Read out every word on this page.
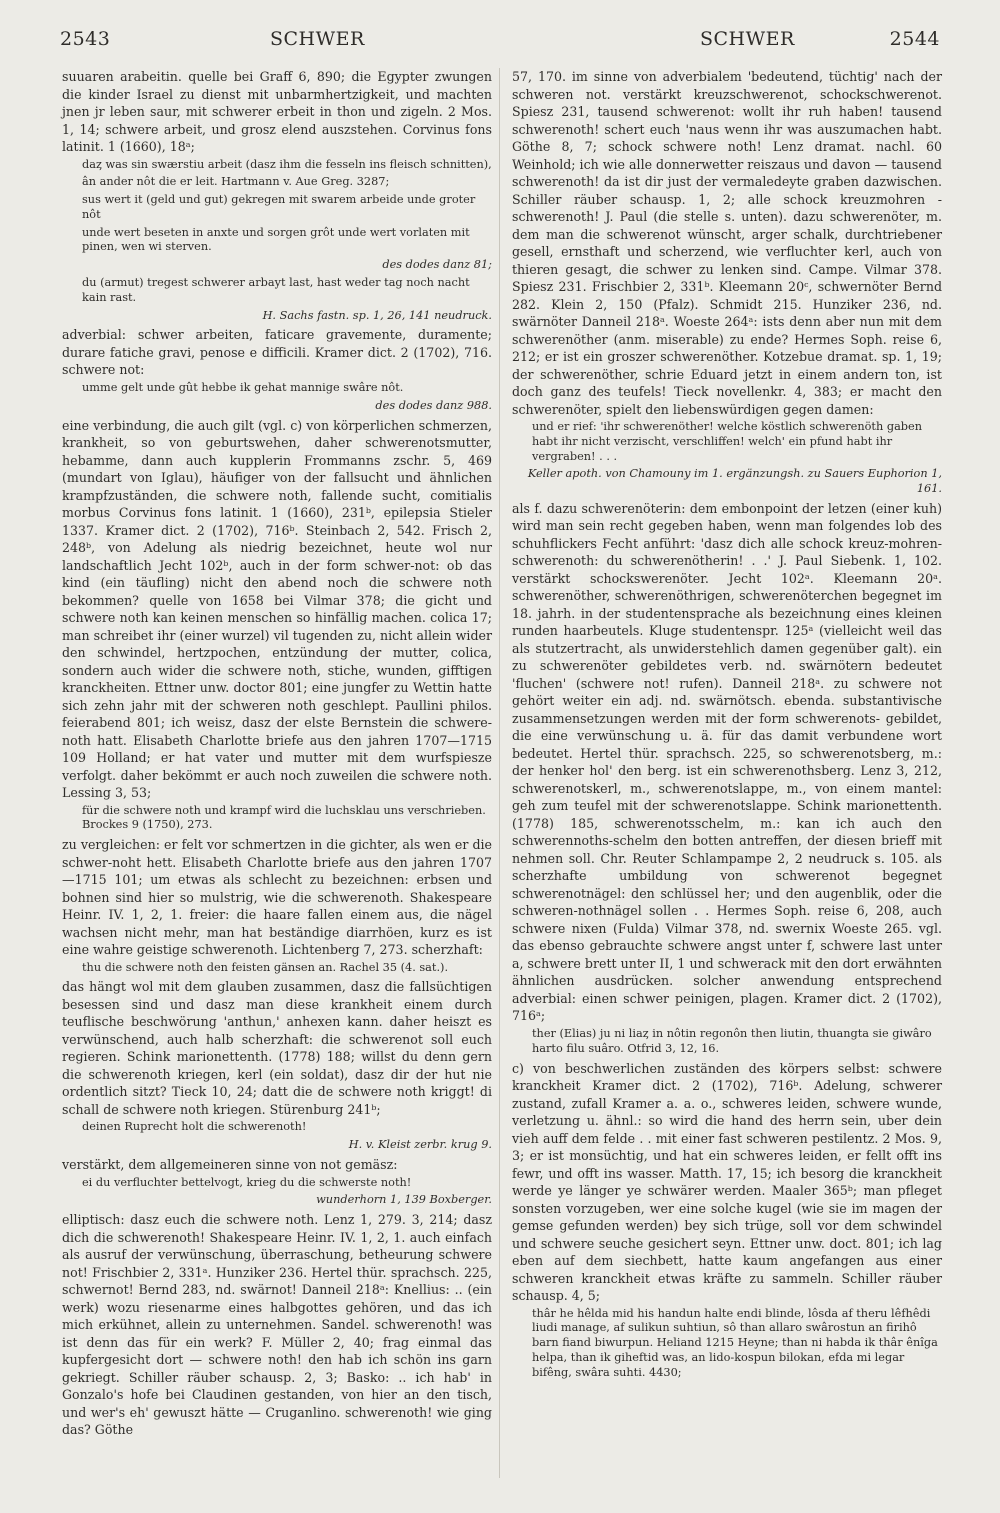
2543	SCHWER	SCHWER	2544

suuaren arabeitin. quelle bei Graff 6, 890; die Egypter zwungen die kinder Israel zu dienst mit unbarmhertzigkeit, und machten jnen jr leben saur, mit schwerer erbeit in thon und zigeln. 2 Mos. 1, 14; schwere arbeit, und grosz elend auszstehen. Corvinus fons latinit. 1 (1660), 18ᵃ;

daȥ was sin swærstiu arbeit (dasz ihm die fesseln ins fleisch schnitten),

ân ander nôt die er leit. Hartmann v. Aue Greg. 3287;

sus wert it (geld und gut) gekregen mit swarem arbeide unde groter nôt

unde wert beseten in anxte und sorgen grôt unde wert vorlaten mit pinen, wen wi sterven.

des dodes danz 81;

du (armut) tregest schwerer arbayt last, hast weder tag noch nacht kain rast.

H. Sachs fastn. sp. 1, 26, 141 neudruck.

adverbial: schwer arbeiten, faticare gravemente, duramente; durare fatiche gravi, penose e difficili. Kramer dict. 2 (1702), 716. schwere not:

umme gelt unde gût hebbe ik gehat mannige swâre nôt.

des dodes danz 988.

eine verbindung, die auch gilt (vgl. c) von körperlichen schmerzen, krankheit, so von geburtswehen, daher schwerenotsmutter, hebamme, dann auch kupplerin Frommanns zschr. 5, 469 (mundart von Iglau), häufiger von der fallsucht und ähnlichen krampfzuständen, die schwere noth, fallende sucht, comitialis morbus Corvinus fons latinit. 1 (1660), 231ᵇ, epilepsia Stieler 1337. Kramer dict. 2 (1702), 716ᵇ. Steinbach 2, 542. Frisch 2, 248ᵇ, von Adelung als niedrig bezeichnet, heute wol nur landschaftlich Jecht 102ᵇ, auch in der form schwer-not: ob das kind (ein täufling) nicht den abend noch die schwere noth bekommen? quelle von 1658 bei Vilmar 378; die gicht und schwere noth kan keinen menschen so hinfällig machen. colica 17; man schreibet ihr (einer wurzel) vil tugenden zu, nicht allein wider den schwindel, hertzpochen, entzündung der mutter, colica, sondern auch wider die schwere noth, stiche, wunden, gifftigen kranckheiten. Ettner unw. doctor 801; eine jungfer zu Wettin hatte sich zehn jahr mit der schweren noth geschlept. Paullini philos. feierabend 801; ich weisz, dasz der elste Bernstein die schwere-noth hatt. Elisabeth Charlotte briefe aus den jahren 1707—1715 109 Holland; er hat vater und mutter mit dem wurfspiesze verfolgt. daher bekömmt er auch noch zuweilen die schwere noth. Lessing 3, 53;

für die schwere noth und krampf wird die luchsklau uns verschrieben. Brockes 9 (1750), 273.

zu vergleichen: er felt vor schmertzen in die gichter, als wen er die schwer-noht hett. Elisabeth Charlotte briefe aus den jahren 1707—1715 101; um etwas als schlecht zu bezeichnen: erbsen und bohnen sind hier so mulstrig, wie die schwerenoth. Shakespeare Heinr. IV. 1, 2, 1. freier: die haare fallen einem aus, die nägel wachsen nicht mehr, man hat beständige diarrhöen, kurz es ist eine wahre geistige schwerenoth. Lichtenberg 7, 273. scherzhaft:

thu die schwere noth den feisten gänsen an. Rachel 35 (4. sat.).

das hängt wol mit dem glauben zusammen, dasz die fallsüchtigen besessen sind und dasz man diese krankheit einem durch teuflische beschwörung 'anthun,' anhexen kann. daher heiszt es verwünschend, auch halb scherzhaft: die schwerenot soll euch regieren. Schink marionettenth. (1778) 188; willst du denn gern die schwerenoth kriegen, kerl (ein soldat), dasz dir der hut nie ordentlich sitzt? Tieck 10, 24; datt die de schwere noth kriggt! di schall de schwere noth kriegen. Stürenburg 241ᵇ;

deinen Ruprecht holt die schwerenoth!

H. v. Kleist zerbr. krug 9.

verstärkt, dem allgemeineren sinne von not gemäsz:

ei du verfluchter bettelvogt, krieg du die schwerste noth!

wunderhorn 1, 139 Boxberger.

elliptisch: dasz euch die schwere noth. Lenz 1, 279. 3, 214; dasz dich die schwerenoth! Shakespeare Heinr. IV. 1, 2, 1. auch einfach als ausruf der verwünschung, überraschung, betheurung schwere not! Frischbier 2, 331ᵃ. Hunziker 236. Hertel thür. sprachsch. 225, schwernot! Bernd 283, nd. swärnot! Danneil 218ᵃ: Knellius: .. (ein werk) wozu riesenarme eines halbgottes gehören, und das ich mich erkühnet, allein zu unternehmen. Sandel. schwerenoth! was ist denn das für ein werk? F. Müller 2, 40; frag einmal das kupfergesicht dort — schwere noth! den hab ich schön ins garn gekriegt. Schiller räuber schausp. 2, 3; Basko: .. ich hab' in Gonzalo's hofe bei Claudinen gestanden, von hier an den tisch, und wer's eh' gewuszt hätte — Cruganlino. schwerenoth! wie ging das? Göthe

57, 170. im sinne von adverbialem 'bedeutend, tüchtig' nach der schweren not. verstärkt kreuzschwerenot, schockschwerenot. Spiesz 231, tausend schwerenot: wollt ihr ruh haben! tausend schwerenoth! schert euch 'naus wenn ihr was auszumachen habt. Göthe 8, 7; schock schwere noth! Lenz dramat. nachl. 60 Weinhold; ich wie alle donnerwetter reiszaus und davon — tausend schwerenoth! da ist dir just der vermaledeyte graben dazwischen. Schiller räuber schausp. 1, 2; alle schock kreuzmohren - schwerenoth! J. Paul (die stelle s. unten). dazu schwerenöter, m. dem man die schwerenot wünscht, arger schalk, durchtriebener gesell, ernsthaft und scherzend, wie verfluchter kerl, auch von thieren gesagt, die schwer zu lenken sind. Campe. Vilmar 378. Spiesz 231. Frischbier 2, 331ᵇ. Kleemann 20ᶜ, schwernöter Bernd 282. Klein 2, 150 (Pfalz). Schmidt 215. Hunziker 236, nd. swärnöter Danneil 218ᵃ. Woeste 264ᵃ: ists denn aber nun mit dem schwerenöther (anm. miserable) zu ende? Hermes Soph. reise 6, 212; er ist ein groszer schwerenöther. Kotzebue dramat. sp. 1, 19; der schwerenöther, schrie Eduard jetzt in einem andern ton, ist doch ganz des teufels! Tieck novellenkr. 4, 383; er macht den schwerenöter, spielt den liebenswürdigen gegen damen:

und er rief: 'ihr schwerenöther! welche köstlich schwerenöth gaben habt ihr nicht verzischt, verschliffen! welch' ein pfund habt ihr vergraben! . . .

Keller apoth. von Chamouny im 1. ergänzungsh. zu Sauers Euphorion 1, 161.

als f. dazu schwerenöterin: dem embonpoint der letzen (einer kuh) wird man sein recht gegeben haben, wenn man folgendes lob des schuhflickers Fecht anführt: 'dasz dich alle schock kreuz-mohren-schwerenoth: du schwerenötherin! . .' J. Paul Siebenk. 1, 102. verstärkt schockswerenöter. Jecht 102ᵃ. Kleemann 20ᵃ. schwerenöther, schwerenöthrigen, schwerenöterchen begegnet im 18. jahrh. in der studentensprache als bezeichnung eines kleinen runden haarbeutels. Kluge studentenspr. 125ᵃ (vielleicht weil das als stutzertracht, als unwiderstehlich damen gegenüber galt). ein zu schwerenöter gebildetes verb. nd. swärnötern bedeutet 'fluchen' (schwere not! rufen). Danneil 218ᵃ. zu schwere not gehört weiter ein adj. nd. swärnötsch. ebenda. substantivische zusammensetzungen werden mit der form schwerenots- gebildet, die eine verwünschung u. ä. für das damit verbundene wort bedeutet. Hertel thür. sprachsch. 225, so schwerenotsberg, m.: der henker hol' den berg. ist ein schwerenothsberg. Lenz 3, 212, schwerenotskerl, m., schwerenotslappe, m., von einem mantel: geh zum teufel mit der schwerenotslappe. Schink marionettenth. (1778) 185, schwerenotsschelm, m.: kan ich auch den schwerennoths-schelm den botten antreffen, der diesen brieff mit nehmen soll. Chr. Reuter Schlampampe 2, 2 neudruck s. 105. als scherzhafte umbildung von schwerenot begegnet schwerenotnägel: den schlüssel her; und den augenblik, oder die schweren-nothnägel sollen . . Hermes Soph. reise 6, 208, auch schwere nixen (Fulda) Vilmar 378, nd. swernix Woeste 265. vgl. das ebenso gebrauchte schwere angst unter f, schwere last unter a, schwere brett unter II, 1 und schwerack mit den dort erwähnten ähnlichen ausdrücken. solcher anwendung entsprechend adverbial: einen schwer peinigen, plagen. Kramer dict. 2 (1702), 716ᵃ;

ther (Elias) ju ni liaȥ in nôtin regonôn then liutin, thuangta sie giwâro harto filu suâro. Otfrid 3, 12, 16.

c) von beschwerlichen zuständen des körpers selbst: schwere kranckheit Kramer dict. 2 (1702), 716ᵇ. Adelung, schwerer zustand, zufall Kramer a. a. o., schweres leiden, schwere wunde, verletzung u. ähnl.: so wird die hand des herrn sein, uber dein vieh auff dem felde . . mit einer fast schweren pestilentz. 2 Mos. 9, 3; er ist monsüchtig, und hat ein schweres leiden, er fellt offt ins fewr, und offt ins wasser. Matth. 17, 15; ich besorg die kranckheit werde ye länger ye schwärer werden. Maaler 365ᵇ; man pfleget sonsten vorzugeben, wer eine solche kugel (wie sie im magen der gemse gefunden werden) bey sich trüge, soll vor dem schwindel und schwere seuche gesichert seyn. Ettner unw. doct. 801; ich lag eben auf dem siechbett, hatte kaum angefangen aus einer schweren kranckheit etwas kräfte zu sammeln. Schiller räuber schausp. 4, 5;

thâr he hêlda mid his handun halte endi blinde, lôsda af theru lêfhêdi liudi manage, af sulikun suhtiun, sô than allaro swârostun an firihô barn fiand biwurpun. Heliand 1215 Heyne; than ni habda ik thâr ênîga helpa, than ik giheftid was, an lido-kospun bilokan, efda mi legar bifêng, swâra suhti. 4430;
